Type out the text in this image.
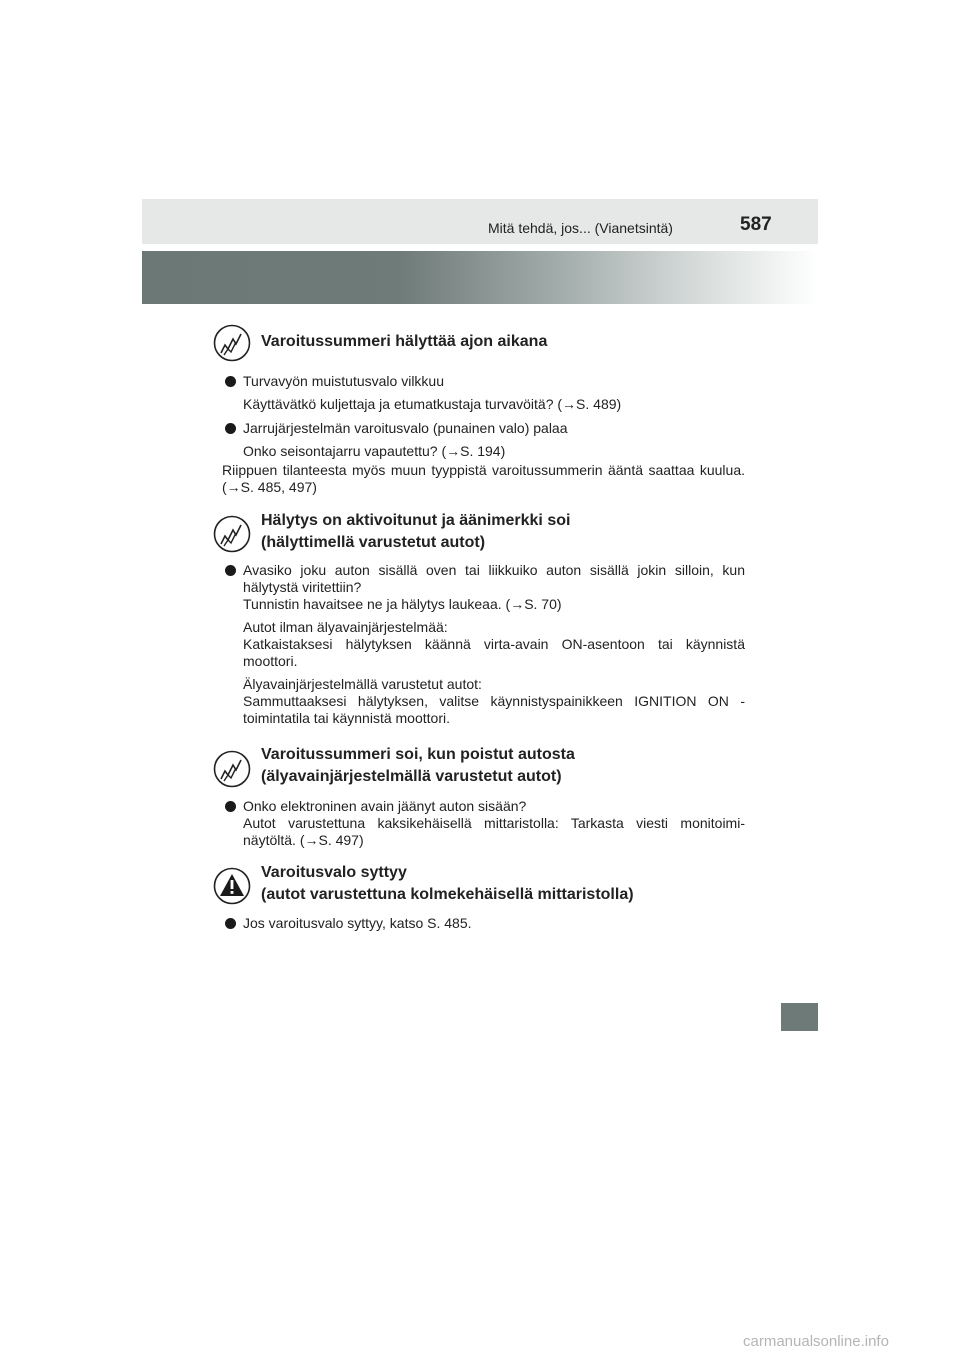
Mitä tehdä, jos... (Vianetsintä)	587
Varoitussummeri hälyttää ajon aikana
Turvavyön muistutusvalo vilkkuu
Käyttävätkö kuljettaja ja etumatkustaja turvavöitä? (→S. 489)
Jarrujärjestelmän varoitusvalo (punainen valo) palaa
Onko seisontajarru vapautettu? (→S. 194)
Riippuen tilanteesta myös muun tyyppistä varoitussummerin ääntä saattaa kuulua. (→S. 485, 497)
Hälytys on aktivoitunut ja äänimerkki soi
(hälyttimellä varustetut autot)
Avasiko joku auton sisällä oven tai liikkuiko auton sisällä jokin silloin, kun hälytystä viritettiin?
Tunnistin havaitsee ne ja hälytys laukeaa. (→S. 70)
Autot ilman älyavainjärjestelmää:
Katkaistaksesi hälytyksen käännä virta-avain ON-asentoon tai käynnistä moottori.
Älyavainjärjestelmällä varustetut autot:
Sammuttaaksesi hälytyksen, valitse käynnistyspainikkeen IGNITION ON -toimintatila tai käynnistä moottori.
Varoitussummeri soi, kun poistut autosta
(älyavainjärjestelmällä varustetut autot)
Onko elektroninen avain jäänyt auton sisään?
Autot varustettuna kaksikehäisellä mittaristolla: Tarkasta viesti monitoimi-näytöltä. (→S. 497)
Varoitusvalo syttyy
(autot varustettuna kolmekehäisellä mittaristolla)
Jos varoitusvalo syttyy, katso S. 485.
carmanualsonline.info
